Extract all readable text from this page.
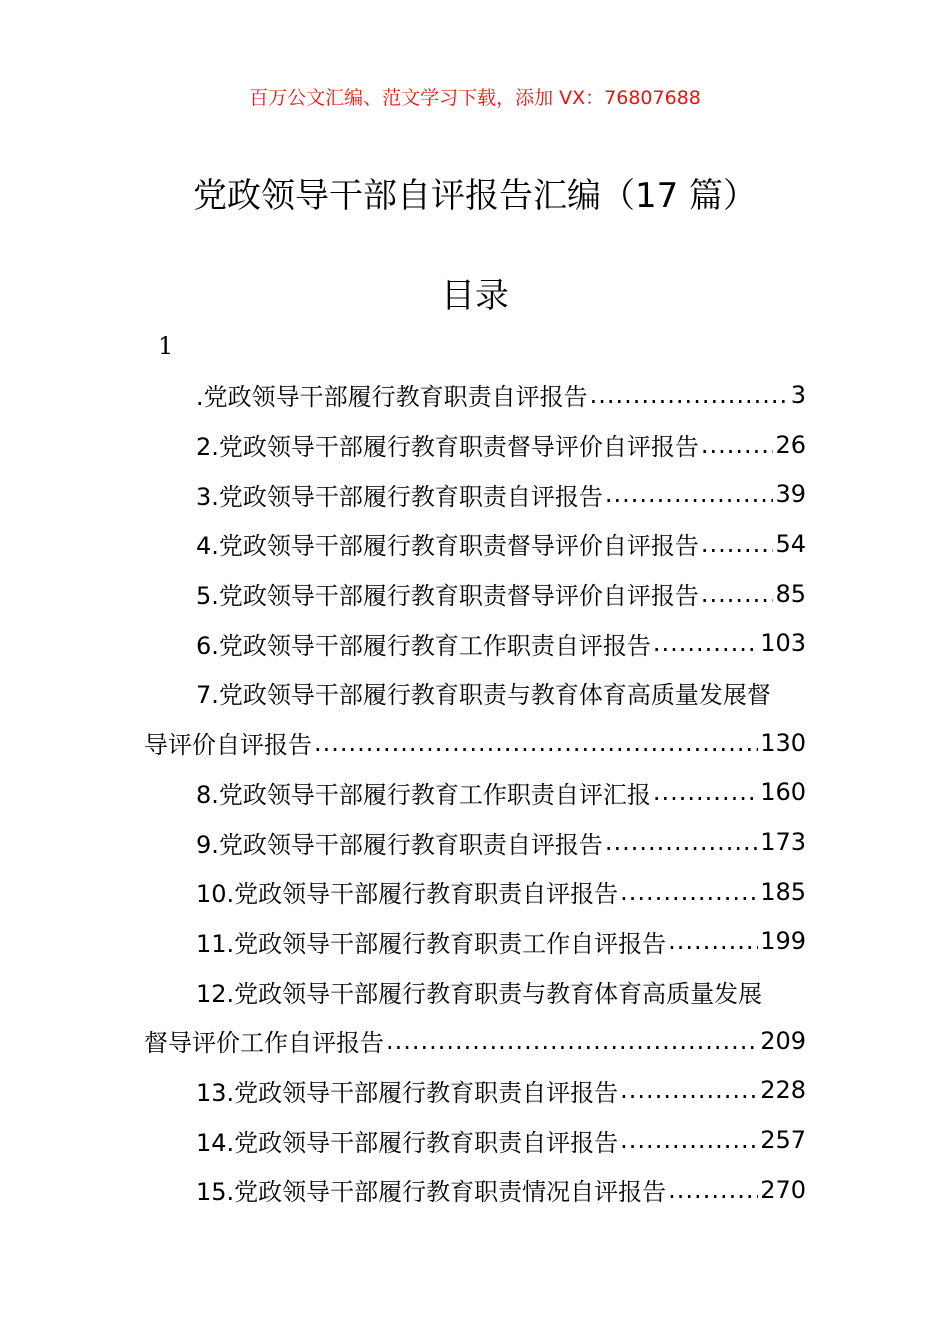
百万公文汇编、范文学习下载，添加 VX：76807688
党政领导干部自评报告汇编（17 篇）
目录
1
.党政领导干部履行教育职责自评报告 .....	3
2.党政领导干部履行教育职责督导评价自评报告 .....	26
3.党政领导干部履行教育职责自评报告 .....	39
4.党政领导干部履行教育职责督导评价自评报告 .....	54
5.党政领导干部履行教育职责督导评价自评报告 .....	85
6.党政领导干部履行教育工作职责自评报告 .....	103
7.党政领导干部履行教育职责与教育体育高质量发展督
导评价自评报告 .....	130
8.党政领导干部履行教育工作职责自评汇报 .....	160
9.党政领导干部履行教育职责自评报告 .....	173
10.党政领导干部履行教育职责自评报告 .....	185
11.党政领导干部履行教育职责工作自评报告 .....	199
12.党政领导干部履行教育职责与教育体育高质量发展
督导评价工作自评报告 .....	209
13.党政领导干部履行教育职责自评报告 .....	228
14.党政领导干部履行教育职责自评报告 .....	257
15.党政领导干部履行教育职责情况自评报告 .....	270
